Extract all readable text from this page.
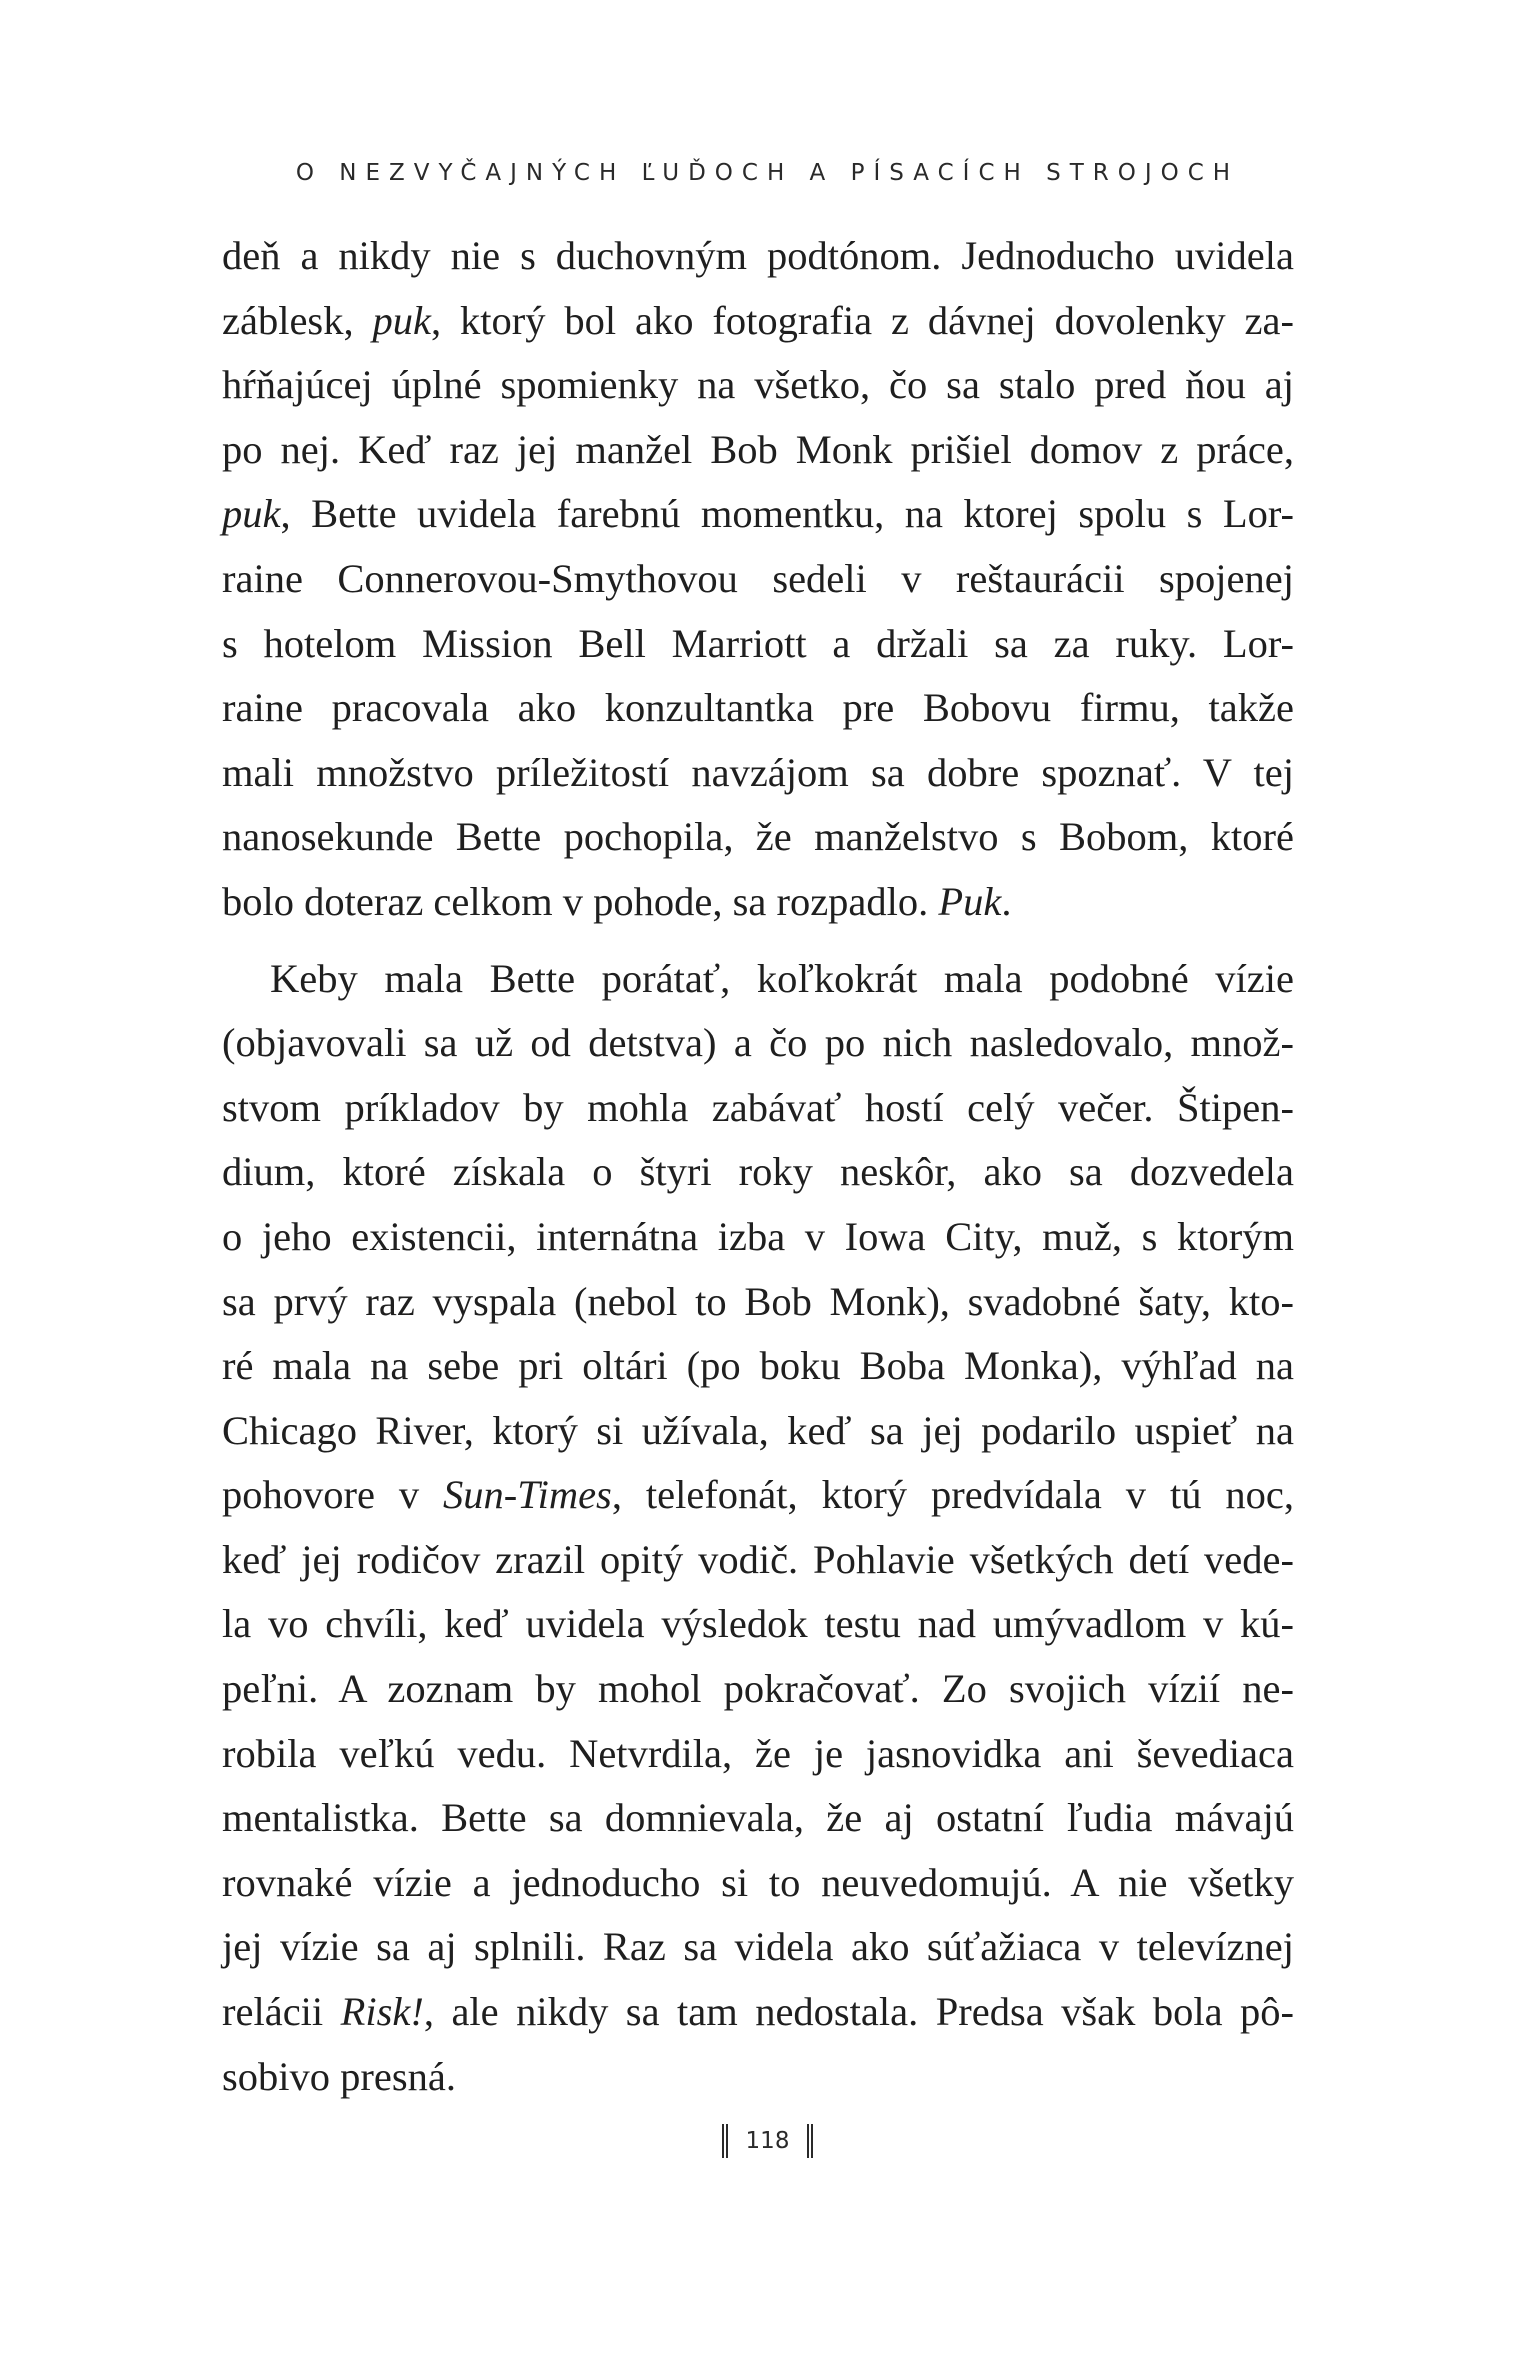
O NEZVYČAJNÝCH ĽUĎOCH A PÍSACÍCH STROJOCH
deň a nikdy nie s duchovným podtónom. Jednoducho uvidela
záblesk, puk, ktorý bol ako fotografia z dávnej dovolenky za-
hŕňajúcej úplné spomienky na všetko, čo sa stalo pred ňou aj
po nej. Keď raz jej manžel Bob Monk prišiel domov z práce,
puk, Bette uvidela farebnú momentku, na ktorej spolu s Lor-
raine Connerovou-Smythovou sedeli v reštaurácii spojenej
s hotelom Mission Bell Marriott a držali sa za ruky. Lor-
raine pracovala ako konzultantka pre Bobovu firmu, takže
mali množstvo príležitostí navzájom sa dobre spoznať. V tej
nanosekunde Bette pochopila, že manželstvo s Bobom, ktoré
bolo doteraz celkom v pohode, sa rozpadlo. Puk.
Keby mala Bette porátať, koľkokrát mala podobné vízie
(objavovali sa už od detstva) a čo po nich nasledovalo, množ-
stvom príkladov by mohla zabávať hostí celý večer. Štipen-
dium, ktoré získala o štyri roky neskôr, ako sa dozvedela
o jeho existencii, internátna izba v Iowa City, muž, s ktorým
sa prvý raz vyspala (nebol to Bob Monk), svadobné šaty, kto-
ré mala na sebe pri oltári (po boku Boba Monka), výhľad na
Chicago River, ktorý si užívala, keď sa jej podarilo uspieť na
pohovore v Sun-Times, telefonát, ktorý predvídala v tú noc,
keď jej rodičov zrazil opitý vodič. Pohlavie všetkých detí vede-
la vo chvíli, keď uvidela výsledok testu nad umývadlom v kú-
peľni. A zoznam by mohol pokračovať. Zo svojich vízií ne-
robila veľkú vedu. Netvrdila, že je jasnovidka ani ševediaca
mentalistka. Bette sa domnievala, že aj ostatní ľudia mávajú
rovnaké vízie a jednoducho si to neuvedomujú. A nie všetky
jej vízie sa aj splnili. Raz sa videla ako súťažiaca v televíznej
relácii Risk!, ale nikdy sa tam nedostala. Predsa však bola pô-
sobivo presná.
118
